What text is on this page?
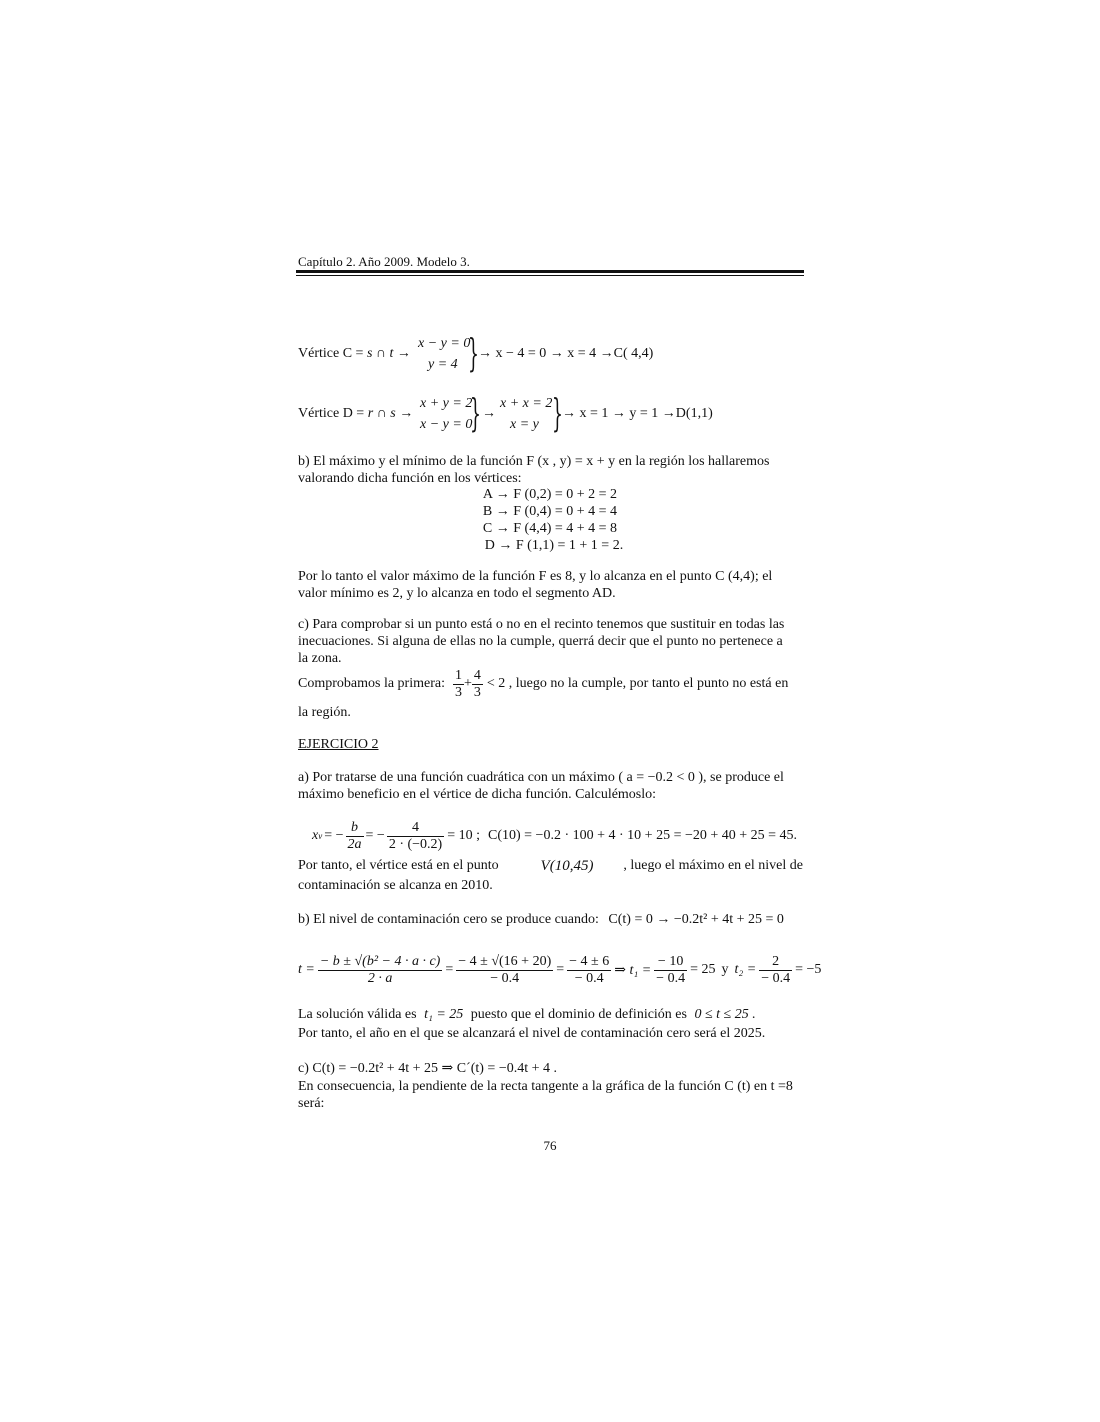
Capítulo 2. Año 2009. Modelo 3.
Vértice C = s ∩ t →
x − y = 0
y = 4 } → x − 4 = 0 → x = 4 →C( 4,4)
Vértice D = r ∩ s →
x + y = 2
x − y = 0
} →
x + x = 2
x = y } → x = 1 → y = 1 →D(1,1)
b) El máximo y el mínimo de la función F (x , y) = x + y en la región los hallaremos
valorando dicha función en los vértices:
A → F (0,2) = 0 + 2 = 2
B → F (0,4) = 0 + 4 = 4
C → F (4,4) = 4 + 4 = 8
D → F (1,1) = 1 + 1 = 2.
Por lo tanto el valor máximo de la función F es 8, y lo alcanza en el punto C (4,4); el
valor mínimo es 2, y lo alcanza en todo el segmento AD.
c) Para comprobar si un punto está o no en el recinto tenemos que sustituir en todas las
inecuaciones. Si alguna de ellas no la cumple, querrá decir que el punto no pertenece a
la zona.
Comprobamos la primera: $\frac{1}{3} + \frac{4}{3} < 2$ , luego no la cumple, por tanto el punto no está en
la región.
EJERCICIO 2
a) Por tratarse de una función cuadrática con un máximo ( a = −0.2 < 0 ), se produce el
máximo beneficio en el vértice de dicha función. Calculémoslo:
x v = − $\frac{b}{2a}$ = − $\frac{4}{2 \cdot (-0.2)} = 10$ ; C(10) = −0.2 · 100 + 4 · 10 + 25 = −20 + 40 + 25 = 45.
Por tanto, el vértice está en el punto	V(10,45) , luego el máximo en el nivel de
contaminación se alcanza en 2010.
b) El nivel de contaminación cero se produce cuando: C(t) = 0 → −0.2t² + 4t + 25 = 0
$t = \frac{\text{− b ± √(b² − 4 · a · c)}}{2 \cdot a} = \frac{- 4 \pm √(16 + 20)}{- 0.4} = \frac{- 4 \pm 6}{- 0.4}$ ⇒ $t_1 = \frac{- 10}{- 0.4} = 25$ y $t_2 = \frac{2}{- 0.4} = -5$
La solución válida es t₁ = 25 puesto que el dominio de definición es 0 ≤ t ≤ 25 .
Por tanto, el año en el que se alcanzará el nivel de contaminación cero será el 2025.
c) C(t) = −0.2t² + 4t + 25 ⇒ C´(t) = −0.4t + 4 .
En consecuencia, la pendiente de la recta tangente a la gráfica de la función C (t) en t =8
será:
76
